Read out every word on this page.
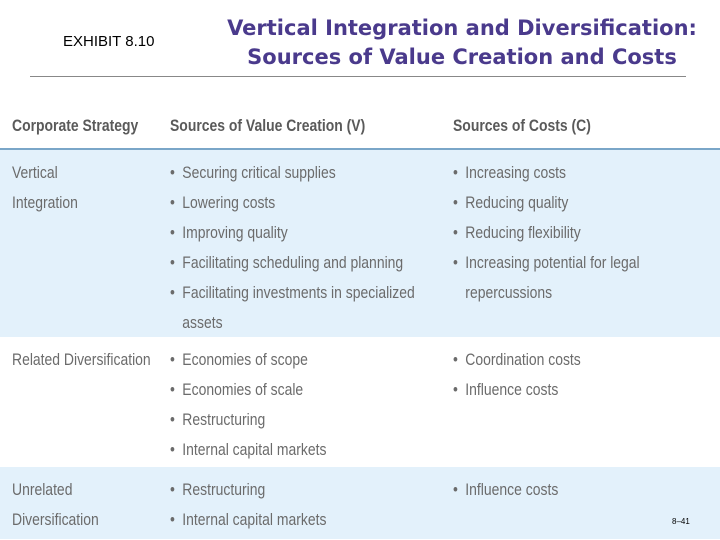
EXHIBIT 8.10
Vertical Integration and Diversification:
Sources of Value Creation and Costs
Corporate Strategy Sources of Value Creation (V)	Sources of Costs (C)
Vertical
Integration
• Securing critical supplies
• Lowering costs
• Improving quality
• Facilitating scheduling and planning
• Facilitating investments in specialized
assets
• Increasing costs
• Reducing quality
• Reducing flexibility
• Increasing potential for legal
repercussions
Related Diversification
•	Economies of scope
• Economies of scale
• Restructuring
• Internal capital markets
• Coordination costs
• Influence costs
Unrelated Diversification
• Restructuring
• Internal capital markets
• Influence costs
8–41
